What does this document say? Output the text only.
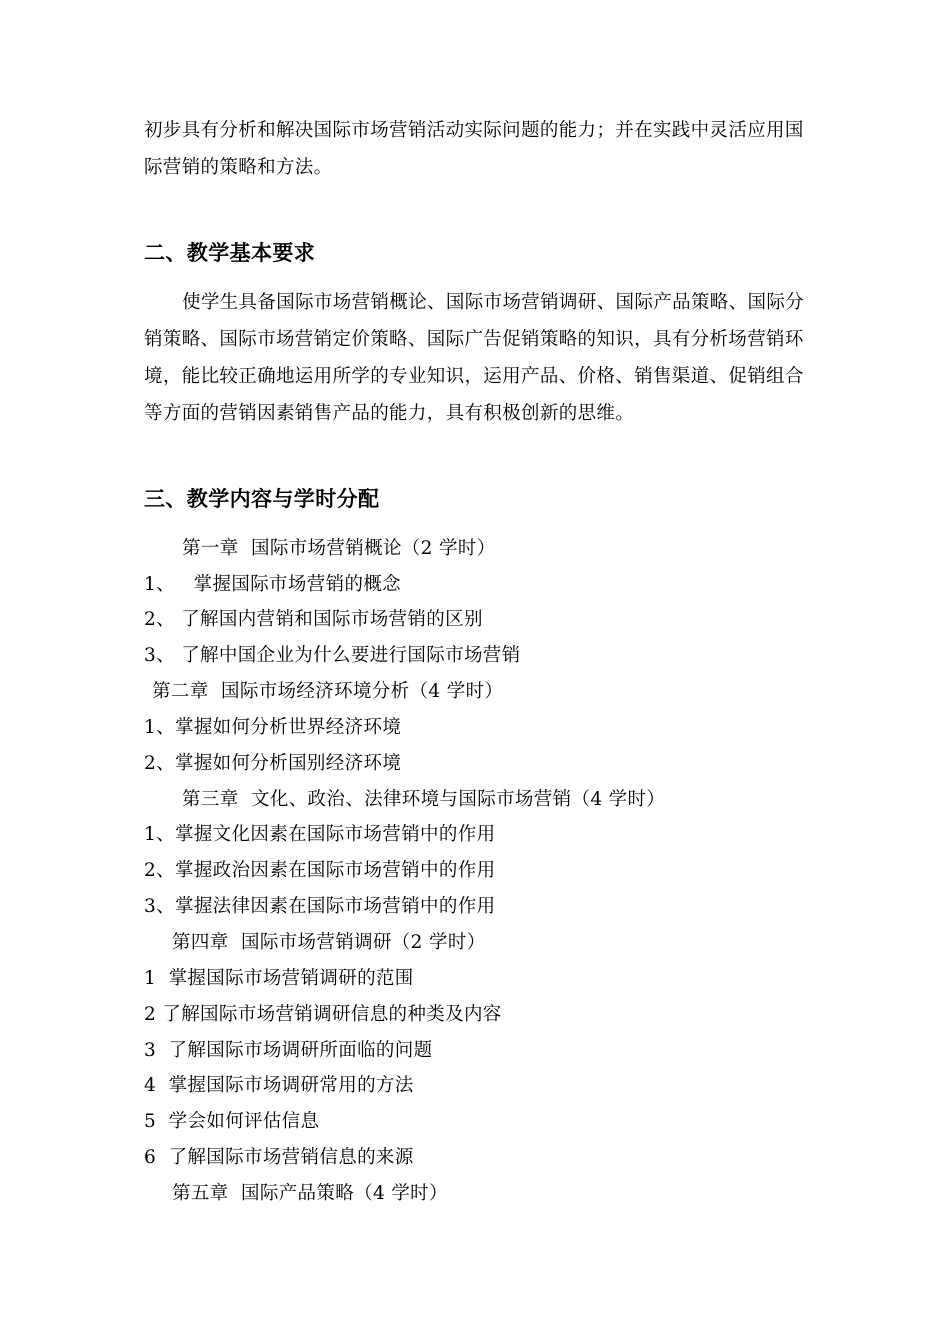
初步具有分析和解决国际市场营销活动实际问题的能力；并在实践中灵活应用国
际营销的策略和方法。
二、教学基本要求
使学生具备国际市场营销概论、国际市场营销调研、国际产品策略、国际分
销策略、国际市场营销定价策略、国际广告促销策略的知识，具有分析场营销环
境，能比较正确地运用所学的专业知识，运用产品、价格、销售渠道、促销组合
等方面的营销因素销售产品的能力，具有积极创新的思维。
三、教学内容与学时分配
第一章  国际市场营销概论（2 学时）
1、   掌握国际市场营销的概念
2、 了解国内营销和国际市场营销的区别
3、 了解中国企业为什么要进行国际市场营销
第二章  国际市场经济环境分析（4 学时）
1、掌握如何分析世界经济环境
2、掌握如何分析国别经济环境
第三章  文化、政治、法律环境与国际市场营销（4 学时）
1、掌握文化因素在国际市场营销中的作用
2、掌握政治因素在国际市场营销中的作用
3、掌握法律因素在国际市场营销中的作用
第四章  国际市场营销调研（2 学时）
1  掌握国际市场营销调研的范围
2 了解国际市场营销调研信息的种类及内容
3  了解国际市场调研所面临的问题
4  掌握国际市场调研常用的方法
5  学会如何评估信息
6  了解国际市场营销信息的来源
第五章  国际产品策略（4 学时）
